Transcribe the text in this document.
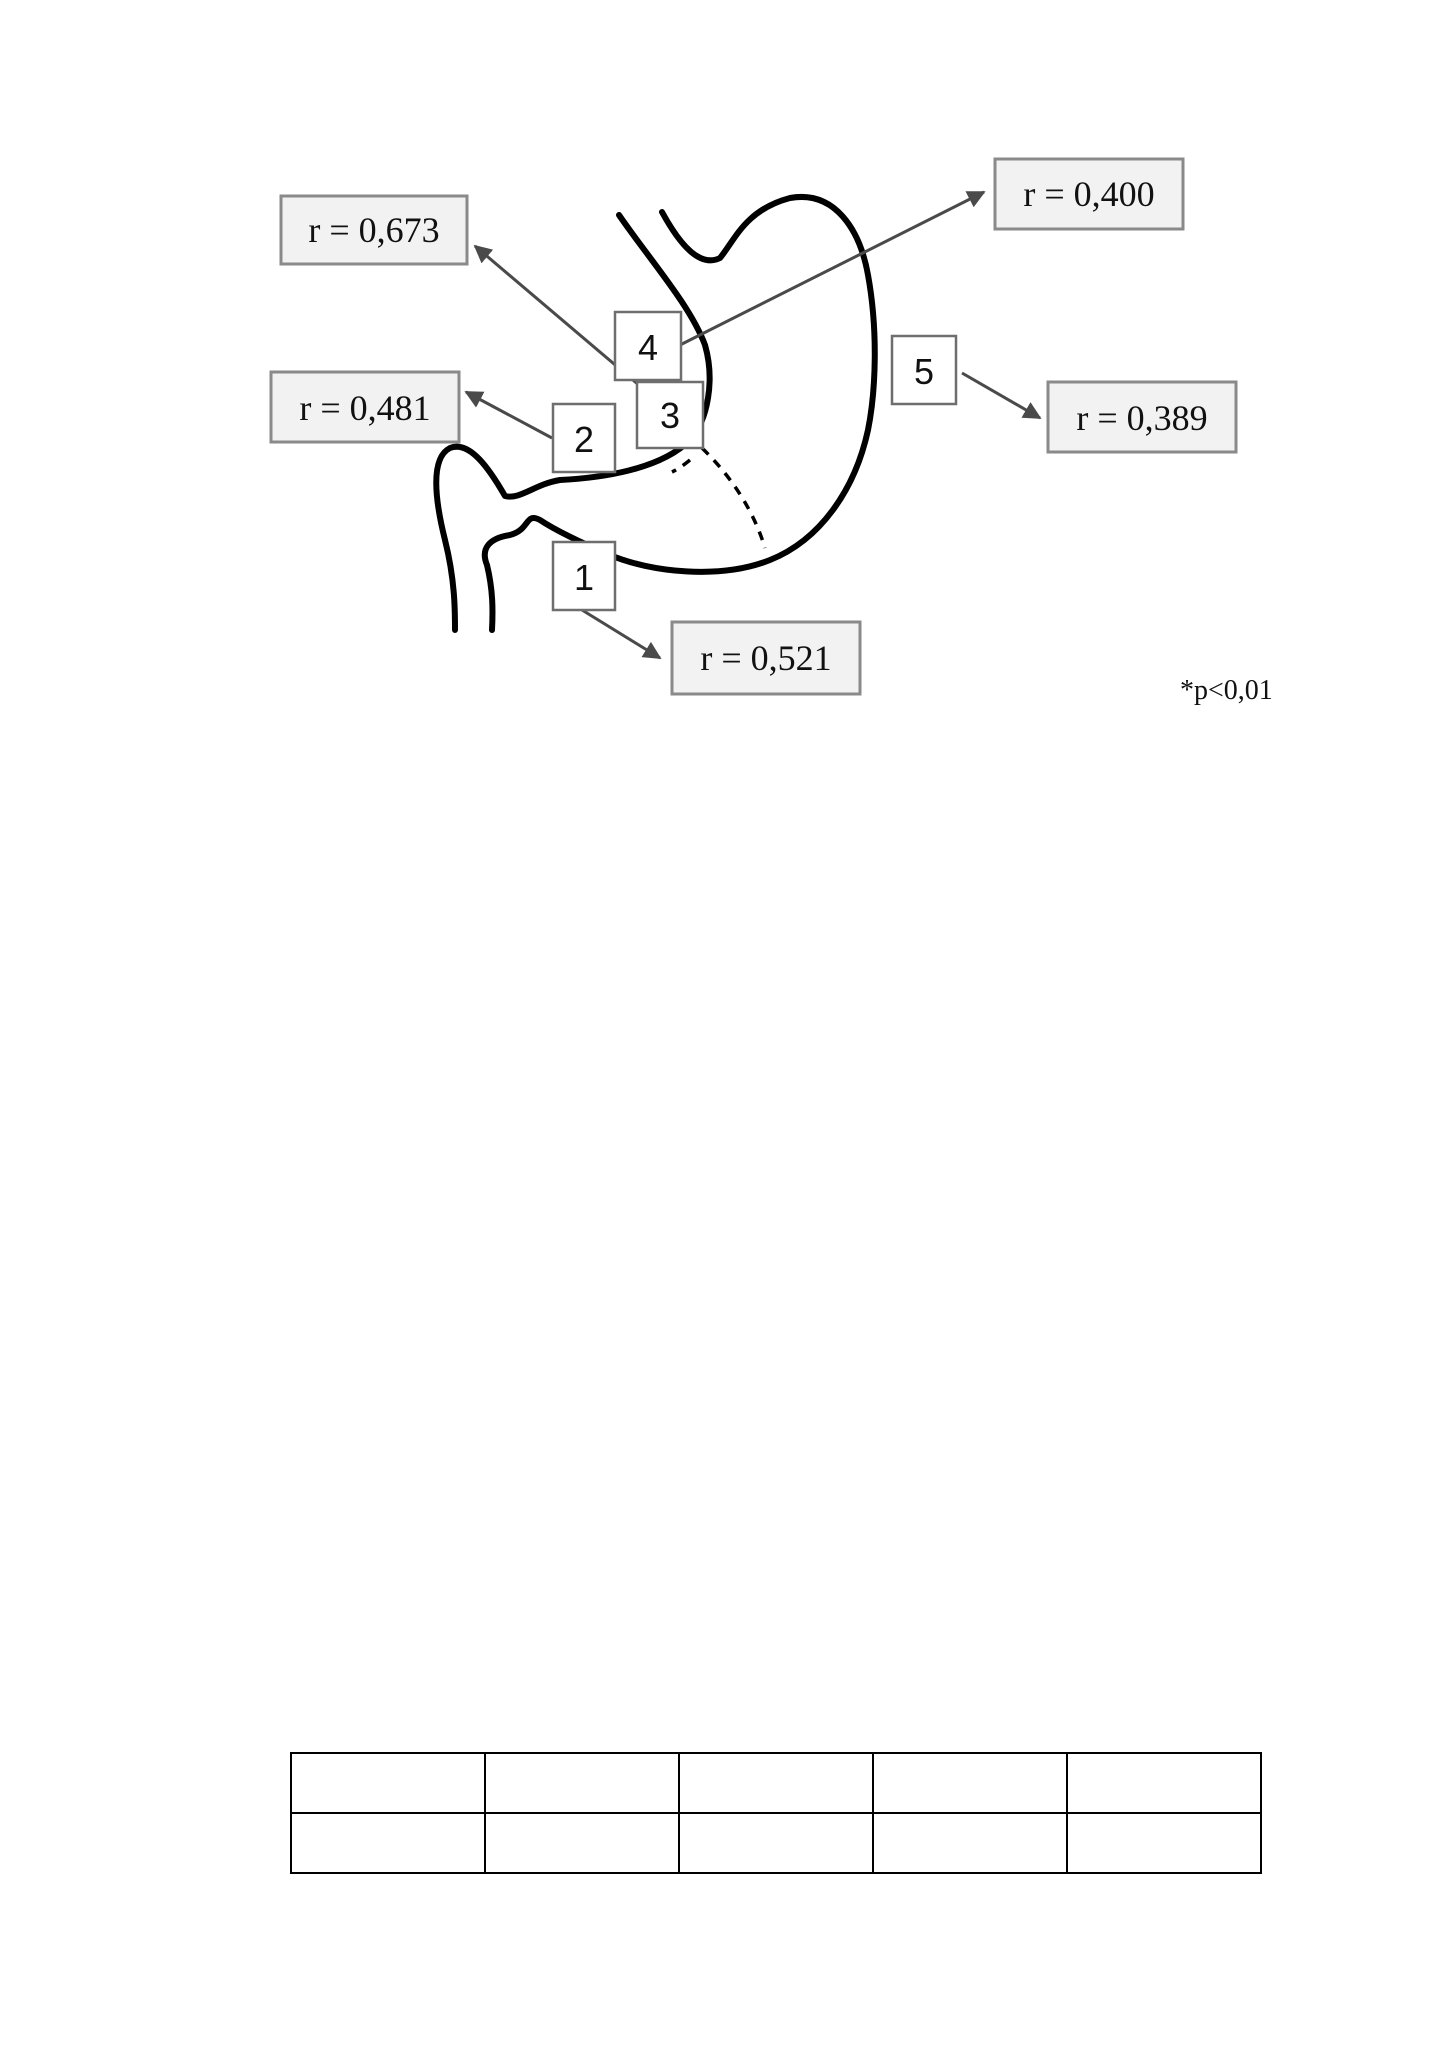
r = 0,673
r = 0,400
r = 0,481	r = 0,389
r = 0,521
4
3
2
5
1
*p<0,01
